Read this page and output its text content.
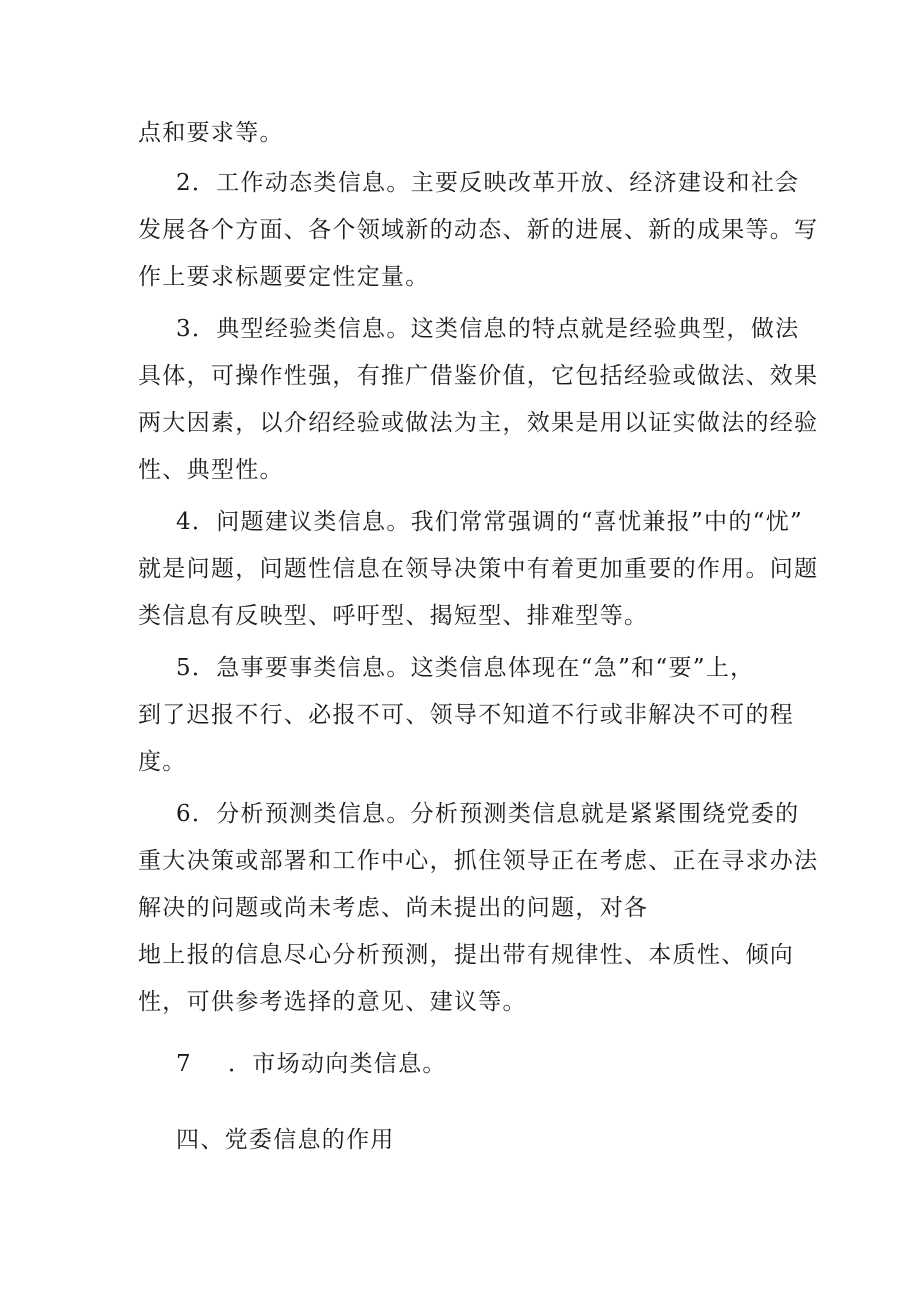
点和要求等。
2．工作动态类信息。主要反映改革开放、经济建设和社会
发展各个方面、各个领域新的动态、新的进展、新的成果等。写
作上要求标题要定性定量。
3．典型经验类信息。这类信息的特点就是经验典型，做法
具体，可操作性强，有推广借鉴价值，它包括经验或做法、效果
两大因素，以介绍经验或做法为主，效果是用以证实做法的经验
性、典型性。
4．问题建议类信息。我们常常强调的“喜忧兼报”中的“忧”
就是问题，问题性信息在领导决策中有着更加重要的作用。问题
类信息有反映型、呼吁型、揭短型、排难型等。
5．急事要事类信息。这类信息体现在“急”和“要”上，
到了迟报不行、必报不可、领导不知道不行或非解决不可的程
度。
6．分析预测类信息。分析预测类信息就是紧紧围绕党委的
重大决策或部署和工作中心，抓住领导正在考虑、正在寻求办法
解决的问题或尚未考虑、尚未提出的问题，对各
地上报的信息尽心分析预测，提出带有规律性、本质性、倾向
性，可供参考选择的意见、建议等。
7 ．市场动向类信息。
四、党委信息的作用
